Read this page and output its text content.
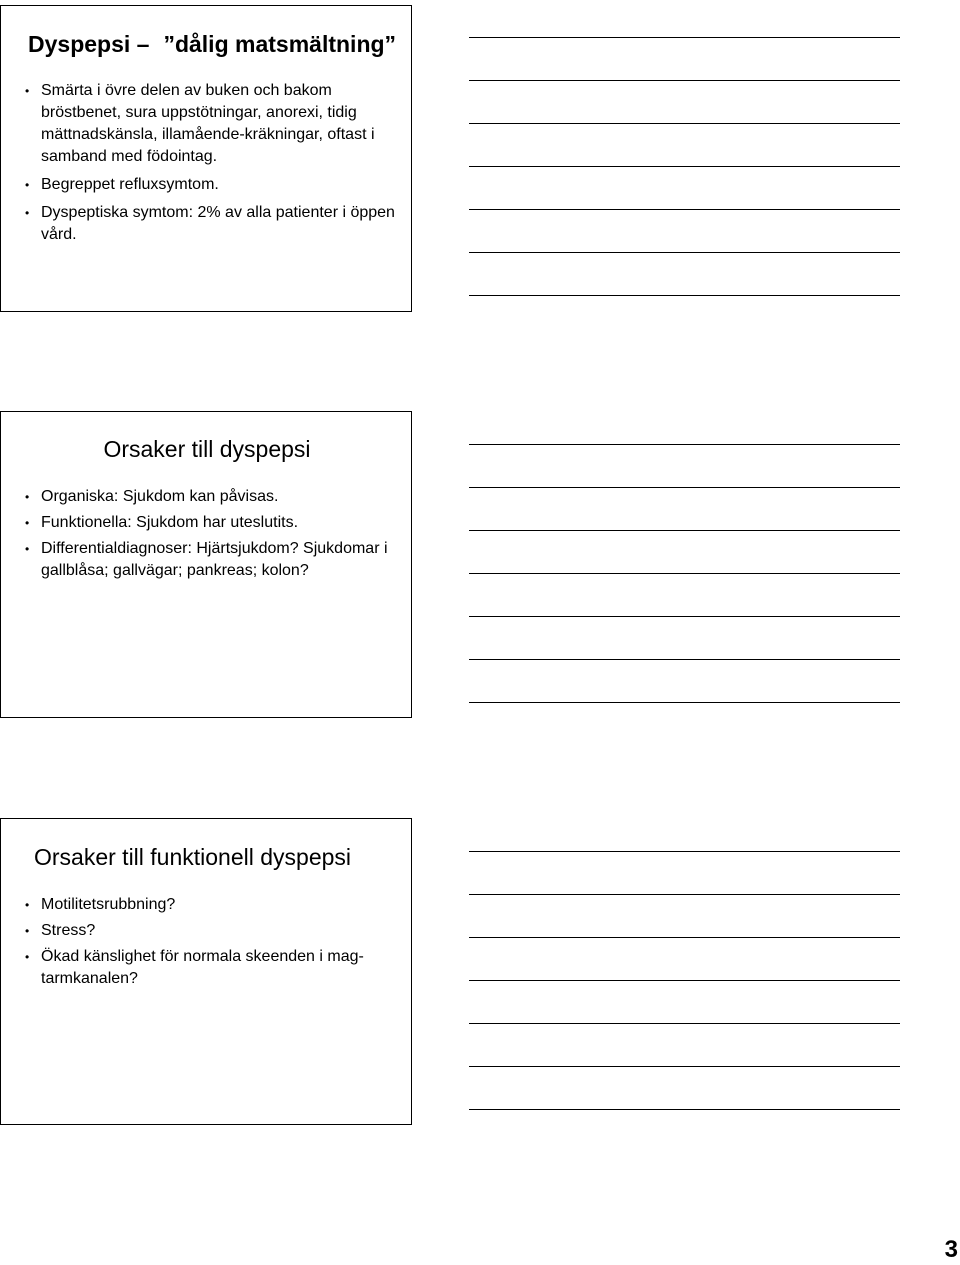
Dyspepsi – ”dålig matsmältning”
• Smärta i övre delen av buken och bakom bröstbenet, sura uppstötningar, anorexi, tidig mättnadskänsla, illamående-kräkningar, oftast i samband med födointag.
• Begreppet refluxsymtom.
• Dyspeptiska symtom: 2% av alla patienter i öppen vård.
Orsaker till dyspepsi
• Organiska: Sjukdom kan påvisas.
• Funktionella: Sjukdom har uteslutits.
• Differentialdiagnoser: Hjärtsjukdom? Sjukdomar i gallblåsa; gallvägar; pankreas; kolon?
Orsaker till funktionell dyspepsi
• Motilitetsrubbning?
• Stress?
• Ökad känslighet för normala skeenden i mag-tarmkanalen?
3
